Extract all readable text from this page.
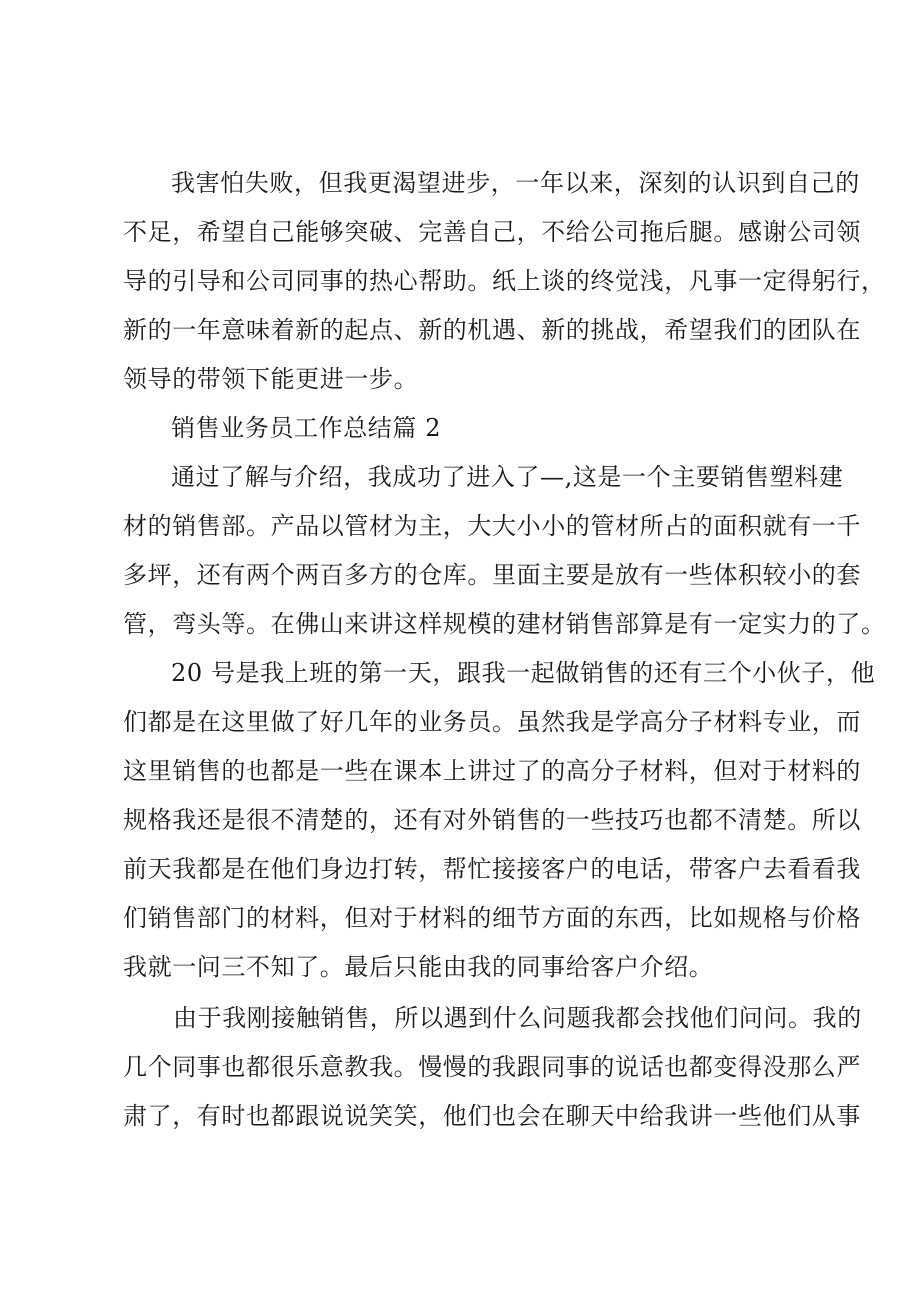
我害怕失败，但我更渴望进步，一年以来，深刻的认识到自己的
不足，希望自己能够突破、完善自己，不给公司拖后腿。感谢公司领
导的引导和公司同事的热心帮助。纸上谈的终觉浅，凡事一定得躬行，
新的一年意味着新的起点、新的机遇、新的挑战，希望我们的团队在
领导的带领下能更进一步。
销售业务员工作总结篇 2
通过了解与介绍，我成功了进入了—,这是一个主要销售塑料建
材的销售部。产品以管材为主，大大小小的管材所占的面积就有一千
多坪，还有两个两百多方的仓库。里面主要是放有一些体积较小的套
管，弯头等。在佛山来讲这样规模的建材销售部算是有一定实力的了。
20 号是我上班的第一天，跟我一起做销售的还有三个小伙子，他
们都是在这里做了好几年的业务员。虽然我是学高分子材料专业，而
这里销售的也都是一些在课本上讲过了的高分子材料，但对于材料的
规格我还是很不清楚的，还有对外销售的一些技巧也都不清楚。所以
前天我都是在他们身边打转，帮忙接接客户的电话，带客户去看看我
们销售部门的材料，但对于材料的细节方面的东西，比如规格与价格
我就一问三不知了。最后只能由我的同事给客户介绍。
由于我刚接触销售，所以遇到什么问题我都会找他们问问。我的
几个同事也都很乐意教我。慢慢的我跟同事的说话也都变得没那么严
肃了，有时也都跟说说笑笑，他们也会在聊天中给我讲一些他们从事
